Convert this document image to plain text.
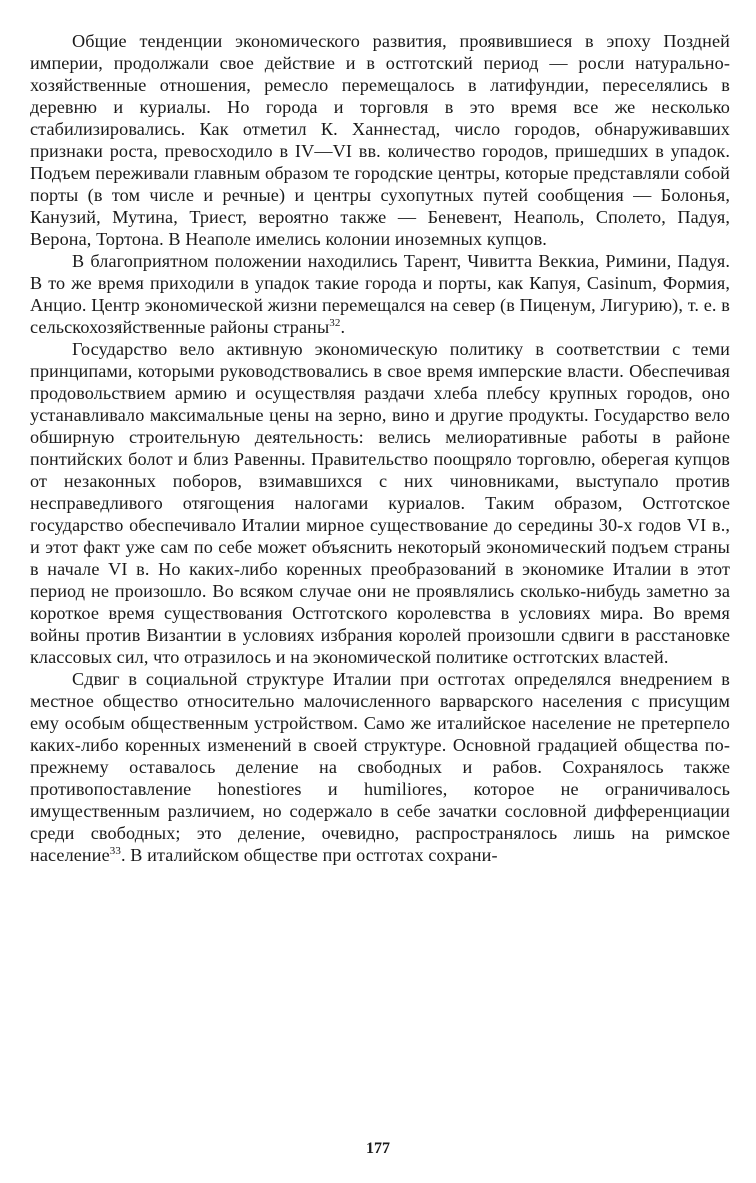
Общие тенденции экономического развития, проявившиеся в эпоху Поздней империи, продолжали свое действие и в остготский период — росли натурально-хозяйственные отношения, ремесло перемещалось в латифундии, переселялись в деревню и куриалы. Но города и торговля в это время все же несколько стабилизировались. Как отметил К. Ханнестад, число городов, обнаруживавших признаки роста, превосходило в IV—VI вв. количество городов, пришедших в упадок. Подъем переживали главным образом те городские центры, которые представляли собой порты (в том числе и речные) и центры сухопутных путей сообщения — Болонья, Канузий, Мутина, Триест, вероятно также — Беневент, Неаполь, Сполето, Падуя, Верона, Тортона. В Неаполе имелись колонии иноземных купцов.

В благоприятном положении находились Тарент, Чивитта Веккиа, Римини, Падуя. В то же время приходили в упадок такие города и порты, как Капуя, Casinum, Формия, Анцио. Центр экономической жизни перемещался на север (в Пиценум, Лигурию), т. е. в сельскохозяйственные районы страны$^{32}$.

Государство вело активную экономическую политику в соответствии с теми принципами, которыми руководствовались в свое время имперские власти. Обеспечивая продовольствием армию и осуществляя раздачи хлеба плебсу крупных городов, оно устанавливало максимальные цены на зерно, вино и другие продукты. Государство вело обширную строительную деятельность: велись мелиоративные работы в районе понтийских болот и близ Равенны. Правительство поощряло торговлю, оберегая купцов от незаконных поборов, взимавшихся с них чиновниками, выступало против несправедливого отягощения налогами куриалов. Таким образом, Остготское государство обеспечивало Италии мирное существование до середины 30-х годов VI в., и этот факт уже сам по себе может объяснить некоторый экономический подъем страны в начале VI в. Но каких-либо коренных преобразований в экономике Италии в этот период не произошло. Во всяком случае они не проявлялись сколько-нибудь заметно за короткое время существования Остготского королевства в условиях мира. Во время войны против Византии в условиях избрания королей произошли сдвиги в расстановке классовых сил, что отразилось и на экономической политике остготских властей.

Сдвиг в социальной структуре Италии при остготах определялся внедрением в местное общество относительно малочисленного варварского населения с присущим ему особым общественным устройством. Само же италийское население не претерпело каких-либо коренных изменений в своей структуре. Основной градацией общества по-прежнему оставалось деление на свободных и рабов. Сохранялось также противопоставление honestiores и humiliores, которое не ограничивалось имущественным различием, но содержало в себе зачатки сословной дифференциации среди свободных; это деление, очевидно, распространялось лишь на римское население$^{33}$. В италийском обществе при остготах сохрани-

177
